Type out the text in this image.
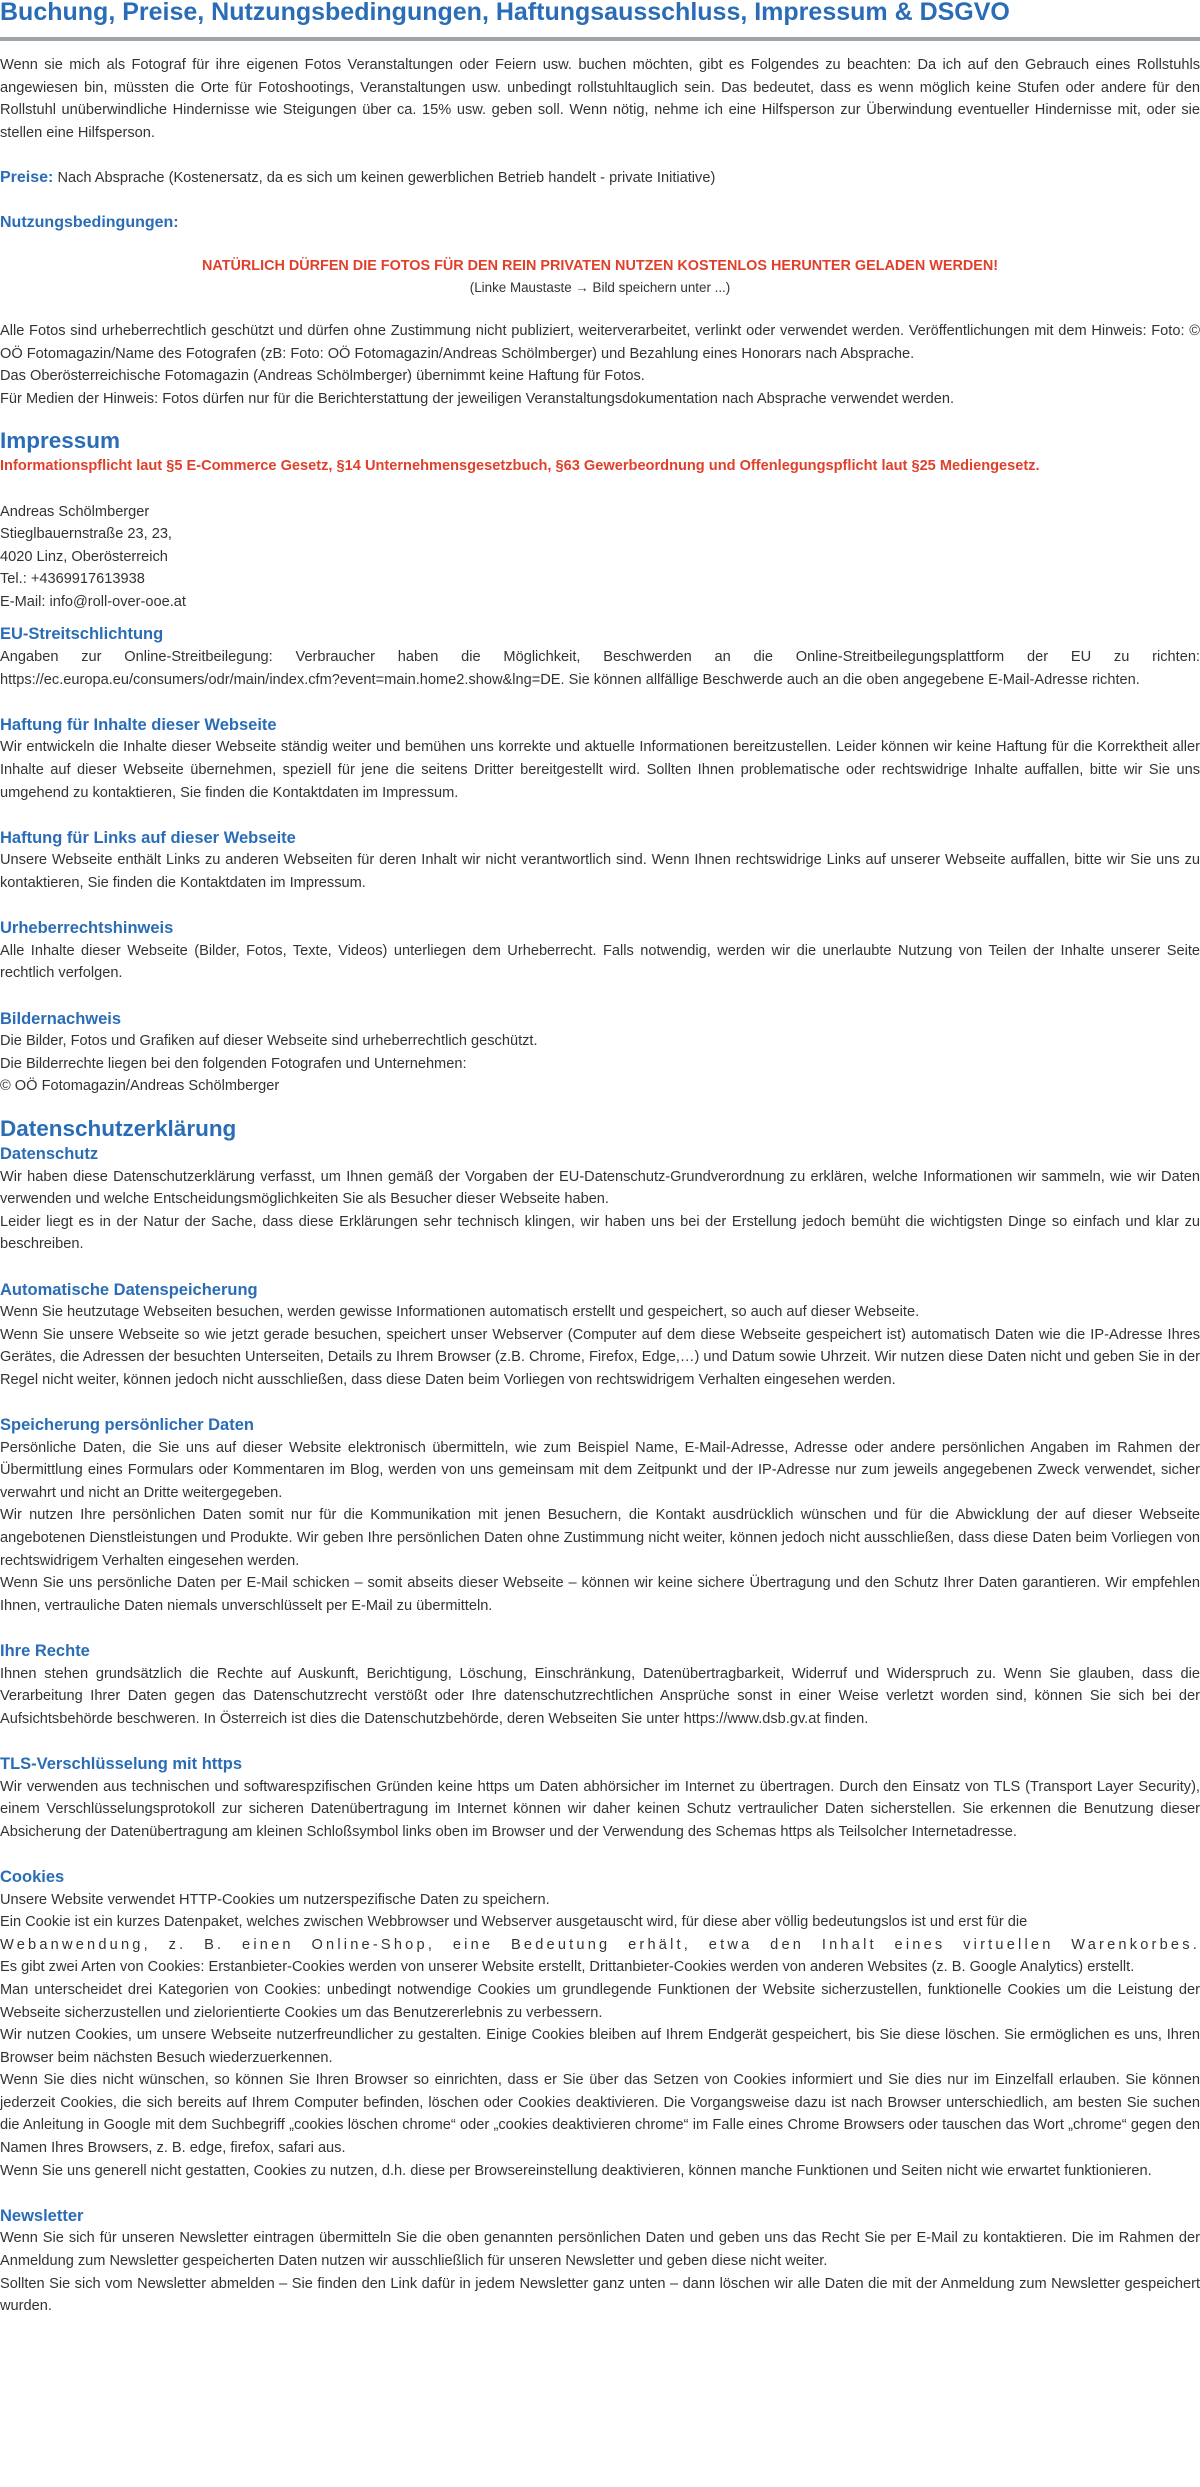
Buchung, Preise, Nutzungsbedingungen, Haftungsausschluss, Impressum & DSGVO

Wenn sie mich als Fotograf für ihre eigenen Fotos Veranstaltungen oder Feiern usw. buchen möchten, gibt es Folgendes zu beachten: Da ich auf den Gebrauch eines Rollstuhls angewiesen bin, müssten die Orte für Fotoshootings, Veranstaltungen usw. unbedingt rollstuhltauglich sein. Das bedeutet, dass es wenn möglich keine Stufen oder andere für den Rollstuhl unüberwindliche Hindernisse wie Steigungen über ca. 15% usw. geben soll. Wenn nötig, nehme ich eine Hilfsperson zur Überwindung eventueller Hindernisse mit, oder sie stellen eine Hilfsperson.

Preise: Nach Absprache (Kostenersatz, da es sich um keinen gewerblichen Betrieb handelt - private Initiative)

Nutzungsbedingungen:

NATÜRLICH DÜRFEN DIE FOTOS FÜR DEN REIN PRIVATEN NUTZEN KOSTENLOS HERUNTER GELADEN WERDEN!

(Linke Maustaste → Bild speichern unter ...)

Alle Fotos sind urheberrechtlich geschützt und dürfen ohne Zustimmung nicht publiziert, weiterverarbeitet, verlinkt oder verwendet werden. Veröffentlichungen mit dem Hinweis: Foto: © OÖ Fotomagazin/Name des Fotografen (zB: Foto: OÖ Fotomagazin/Andreas Schölmberger) und Bezahlung eines Honorars nach Absprache.

Das Oberösterreichische Fotomagazin (Andreas Schölmberger) übernimmt keine Haftung für Fotos.

Für Medien der Hinweis: Fotos dürfen nur für die Berichterstattung der jeweiligen Veranstaltungsdokumentation nach Absprache verwendet werden.

Impressum

Informationspflicht laut §5 E-Commerce Gesetz, §14 Unternehmensgesetzbuch, §63 Gewerbeordnung und Offenlegungspflicht laut §25 Mediengesetz.

Andreas Schölmberger

Stieglbauernstraße 23, 23,

4020 Linz, Oberösterreich

Tel.: +4369917613938

E-Mail: info@roll-over-ooe.at

EU-Streitschlichtung

Angaben zur Online-Streitbeilegung: Verbraucher haben die Möglichkeit, Beschwerden an die Online-Streitbeilegungsplattform der EU zu richten: https://ec.europa.eu/consumers/odr/main/index.cfm?event=main.home2.show&lng=DE. Sie können allfällige Beschwerde auch an die oben angegebene E-Mail-Adresse richten.

Haftung für Inhalte dieser Webseite

Wir entwickeln die Inhalte dieser Webseite ständig weiter und bemühen uns korrekte und aktuelle Informationen bereitzustellen. Leider können wir keine Haftung für die Korrektheit aller Inhalte auf dieser Webseite übernehmen, speziell für jene die seitens Dritter bereitgestellt wird. Sollten Ihnen problematische oder rechtswidrige Inhalte auffallen, bitte wir Sie uns umgehend zu kontaktieren, Sie finden die Kontaktdaten im Impressum.

Haftung für Links auf dieser Webseite

Unsere Webseite enthält Links zu anderen Webseiten für deren Inhalt wir nicht verantwortlich sind. Wenn Ihnen rechtswidrige Links auf unserer Webseite auffallen, bitte wir Sie uns zu kontaktieren, Sie finden die Kontaktdaten im Impressum.

Urheberrechtshinweis

Alle Inhalte dieser Webseite (Bilder, Fotos, Texte, Videos) unterliegen dem Urheberrecht. Falls notwendig, werden wir die unerlaubte Nutzung von Teilen der Inhalte unserer Seite rechtlich verfolgen.

Bildernachweis

Die Bilder, Fotos und Grafiken auf dieser Webseite sind urheberrechtlich geschützt.

Die Bilderrechte liegen bei den folgenden Fotografen und Unternehmen:

© OÖ Fotomagazin/Andreas Schölmberger

Datenschutzerklärung
Datenschutz

Wir haben diese Datenschutzerklärung verfasst, um Ihnen gemäß der Vorgaben der EU-Datenschutz-Grundverordnung zu erklären, welche Informationen wir sammeln, wie wir Daten verwenden und welche Entscheidungsmöglichkeiten Sie als Besucher dieser Webseite haben.

Leider liegt es in der Natur der Sache, dass diese Erklärungen sehr technisch klingen, wir haben uns bei der Erstellung jedoch bemüht die wichtigsten Dinge so einfach und klar zu beschreiben.

Automatische Datenspeicherung

Wenn Sie heutzutage Webseiten besuchen, werden gewisse Informationen automatisch erstellt und gespeichert, so auch auf dieser Webseite.

Wenn Sie unsere Webseite so wie jetzt gerade besuchen, speichert unser Webserver (Computer auf dem diese Webseite gespeichert ist) automatisch Daten wie die IP-Adresse Ihres Gerätes, die Adressen der besuchten Unterseiten, Details zu Ihrem Browser (z.B. Chrome, Firefox, Edge,…) und Datum sowie Uhrzeit. Wir nutzen diese Daten nicht und geben Sie in der Regel nicht weiter, können jedoch nicht ausschließen, dass diese Daten beim Vorliegen von rechtswidrigem Verhalten eingesehen werden.

Speicherung persönlicher Daten

Persönliche Daten, die Sie uns auf dieser Website elektronisch übermitteln, wie zum Beispiel Name, E-Mail-Adresse, Adresse oder andere persönlichen Angaben im Rahmen der Übermittlung eines Formulars oder Kommentaren im Blog, werden von uns gemeinsam mit dem Zeitpunkt und der IP-Adresse nur zum jeweils angegebenen Zweck verwendet, sicher verwahrt und nicht an Dritte weitergegeben.

Wir nutzen Ihre persönlichen Daten somit nur für die Kommunikation mit jenen Besuchern, die Kontakt ausdrücklich wünschen und für die Abwicklung der auf dieser Webseite angebotenen Dienstleistungen und Produkte. Wir geben Ihre persönlichen Daten ohne Zustimmung nicht weiter, können jedoch nicht ausschließen, dass diese Daten beim Vorliegen von rechtswidrigem Verhalten eingesehen werden.

Wenn Sie uns persönliche Daten per E-Mail schicken – somit abseits dieser Webseite – können wir keine sichere Übertragung und den Schutz Ihrer Daten garantieren. Wir empfehlen Ihnen, vertrauliche Daten niemals unverschlüsselt per E-Mail zu übermitteln.

Ihre Rechte

Ihnen stehen grundsätzlich die Rechte auf Auskunft, Berichtigung, Löschung, Einschränkung, Datenübertragbarkeit, Widerruf und Widerspruch zu. Wenn Sie glauben, dass die Verarbeitung Ihrer Daten gegen das Datenschutzrecht verstößt oder Ihre datenschutzrechtlichen Ansprüche sonst in einer Weise verletzt worden sind, können Sie sich bei der Aufsichtsbehörde beschweren. In Österreich ist dies die Datenschutzbehörde, deren Webseiten Sie unter https://www.dsb.gv.at finden.

TLS-Verschlüsselung mit https

Wir verwenden aus technischen und softwarespzifischen Gründen keine https um Daten abhörsicher im Internet zu übertragen. Durch den Einsatz von TLS (Transport Layer Security), einem Verschlüsselungsprotokoll zur sicheren Datenübertragung im Internet können wir daher keinen Schutz vertraulicher Daten sicherstellen. Sie erkennen die Benutzung dieser Absicherung der Datenübertragung am kleinen Schloßsymbol links oben im Browser und der Verwendung des Schemas https als Teilsolcher Internetadresse.

Cookies

Unsere Website verwendet HTTP-Cookies um nutzerspezifische Daten zu speichern.

Ein Cookie ist ein kurzes Datenpaket, welches zwischen Webbrowser und Webserver ausgetauscht wird, für diese aber völlig bedeutungslos ist und erst für die

Webanwendung, z. B. einen Online-Shop, eine Bedeutung erhält, etwa den Inhalt eines virtuellen Warenkorbes.

Es gibt zwei Arten von Cookies: Erstanbieter-Cookies werden von unserer Website erstellt, Drittanbieter-Cookies werden von anderen Websites (z. B. Google Analytics) erstellt.

Man unterscheidet drei Kategorien von Cookies: unbedingt notwendige Cookies um grundlegende Funktionen der Website sicherzustellen, funktionelle Cookies um die Leistung der Webseite sicherzustellen und zielorientierte Cookies um das Benutzererlebnis zu verbessern.

Wir nutzen Cookies, um unsere Webseite nutzerfreundlicher zu gestalten. Einige Cookies bleiben auf Ihrem Endgerät gespeichert, bis Sie diese löschen. Sie ermöglichen es uns, Ihren Browser beim nächsten Besuch wiederzuerkennen.

Wenn Sie dies nicht wünschen, so können Sie Ihren Browser so einrichten, dass er Sie über das Setzen von Cookies informiert und Sie dies nur im Einzelfall erlauben. Sie können jederzeit Cookies, die sich bereits auf Ihrem Computer befinden, löschen oder Cookies deaktivieren. Die Vorgangsweise dazu ist nach Browser unterschiedlich, am besten Sie suchen die Anleitung in Google mit dem Suchbegriff „cookies löschen chrome“ oder „cookies deaktivieren chrome“ im Falle eines Chrome Browsers oder tauschen das Wort „chrome“ gegen den Namen Ihres Browsers, z. B. edge, firefox, safari aus.

Wenn Sie uns generell nicht gestatten, Cookies zu nutzen, d.h. diese per Browsereinstellung deaktivieren, können manche Funktionen und Seiten nicht wie erwartet funktionieren.

Newsletter

Wenn Sie sich für unseren Newsletter eintragen übermitteln Sie die oben genannten persönlichen Daten und geben uns das Recht Sie per E-Mail zu kontaktieren. Die im Rahmen der Anmeldung zum Newsletter gespeicherten Daten nutzen wir ausschließlich für unseren Newsletter und geben diese nicht weiter.

Sollten Sie sich vom Newsletter abmelden – Sie finden den Link dafür in jedem Newsletter ganz unten – dann löschen wir alle Daten die mit der Anmeldung zum Newsletter gespeichert wurden.
